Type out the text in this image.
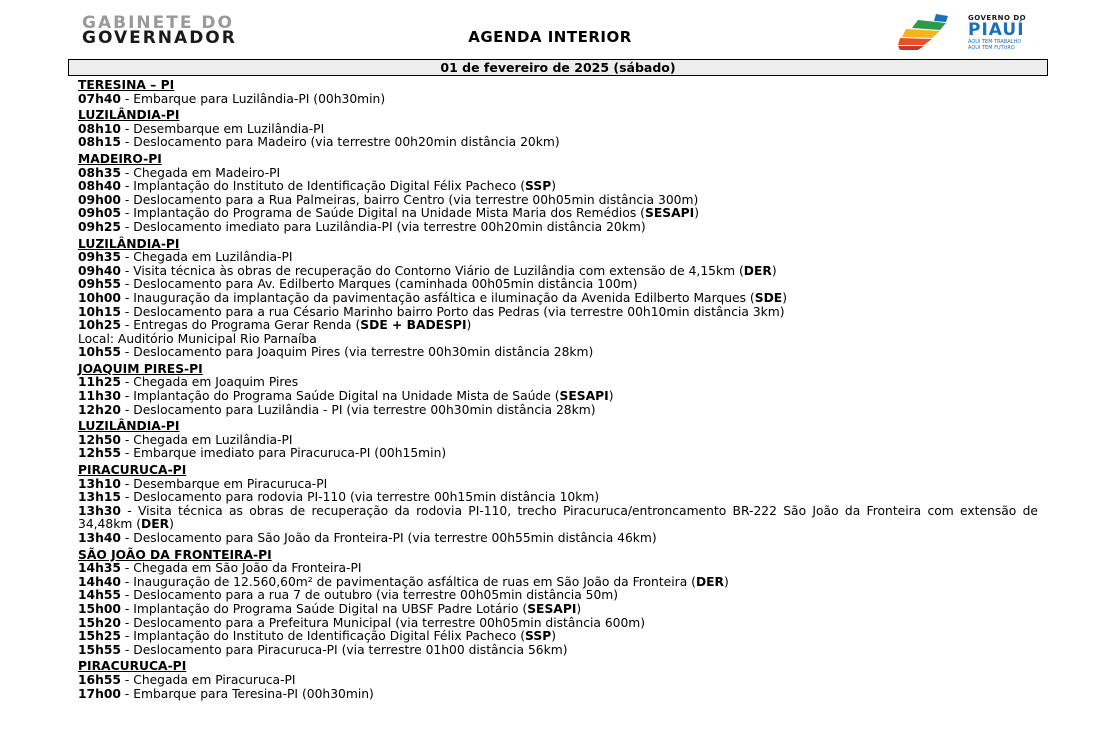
GABINETE DO
GOVERNADOR	AGENDA INTERIOR
GOVERNO DO
PIAUÍ
AQUI TEM TRABALHO
AQUI TEM FUTURO
01 de fevereiro de 2025 (sábado)
TERESINA – PI
07h40 - Embarque para Luzilândia-PI (00h30min)
LUZILÂNDIA-PI
08h10 - Desembarque em Luzilândia-PI
08h15 - Deslocamento para Madeiro (via terrestre 00h20min distância 20km)
MADEIRO-PI
08h35 - Chegada em Madeiro-PI
08h40 - Implantação do Instituto de Identificação Digital Félix Pacheco (SSP)
09h00 - Deslocamento para a Rua Palmeiras, bairro Centro (via terrestre 00h05min distância 300m)
09h05 - Implantação do Programa de Saúde Digital na Unidade Mista Maria dos Remédios (SESAPI)
09h25 - Deslocamento imediato para Luzilândia-PI (via terrestre 00h20min distância 20km)
LUZILÂNDIA-PI
09h35 - Chegada em Luzilândia-PI
09h40 - Visita técnica às obras de recuperação do Contorno Viário de Luzilândia com extensão de 4,15km (DER)
09h55 - Deslocamento para Av. Edilberto Marques (caminhada 00h05min distância 100m)
10h00 - Inauguração da implantação da pavimentação asfáltica e iluminação da Avenida Edilberto Marques (SDE)
10h15 - Deslocamento para a rua Césario Marinho bairro Porto das Pedras (via terrestre 00h10min distância 3km)
10h25 - Entregas do Programa Gerar Renda (SDE + BADESPI)
Local: Auditório Municipal Rio Parnaíba
10h55 - Deslocamento para Joaquim Pires (via terrestre 00h30min distância 28km)
JOAQUIM PIRES-PI
11h25 - Chegada em Joaquim Pires
11h30 - Implantação do Programa Saúde Digital na Unidade Mista de Saúde (SESAPI)
12h20 - Deslocamento para Luzilândia - PI (via terrestre 00h30min distância 28km)
LUZILÂNDIA-PI
12h50 - Chegada em Luzilândia-PI
12h55 - Embarque imediato para Piracuruca-PI (00h15min)
PIRACURUCA-PI
13h10 - Desembarque em Piracuruca-PI
13h15 - Deslocamento para rodovia PI-110 (via terrestre 00h15min distância 10km)
13h30 - Visita técnica as obras de recuperação da rodovia PI-110, trecho Piracuruca/entroncamento BR-222 São João da Fronteira com extensão de 34,48km (DER)
13h40 - Deslocamento para São João da Fronteira-PI (via terrestre 00h55min distância 46km)
SÃO JOÃO DA FRONTEIRA-PI
14h35 - Chegada em São João da Fronteira-PI
14h40 - Inauguração de 12.560,60m² de pavimentação asfáltica de ruas em São João da Fronteira (DER)
14h55 - Deslocamento para a rua 7 de outubro (via terrestre 00h05min distância 50m)
15h00 - Implantação do Programa Saúde Digital na UBSF Padre Lotário (SESAPI)
15h20 - Deslocamento para a Prefeitura Municipal (via terrestre 00h05min distância 600m)
15h25 - Implantação do Instituto de Identificação Digital Félix Pacheco (SSP)
15h55 - Deslocamento para Piracuruca-PI (via terrestre 01h00 distância 56km)
PIRACURUCA-PI
16h55 - Chegada em Piracuruca-PI
17h00 - Embarque para Teresina-PI (00h30min)
